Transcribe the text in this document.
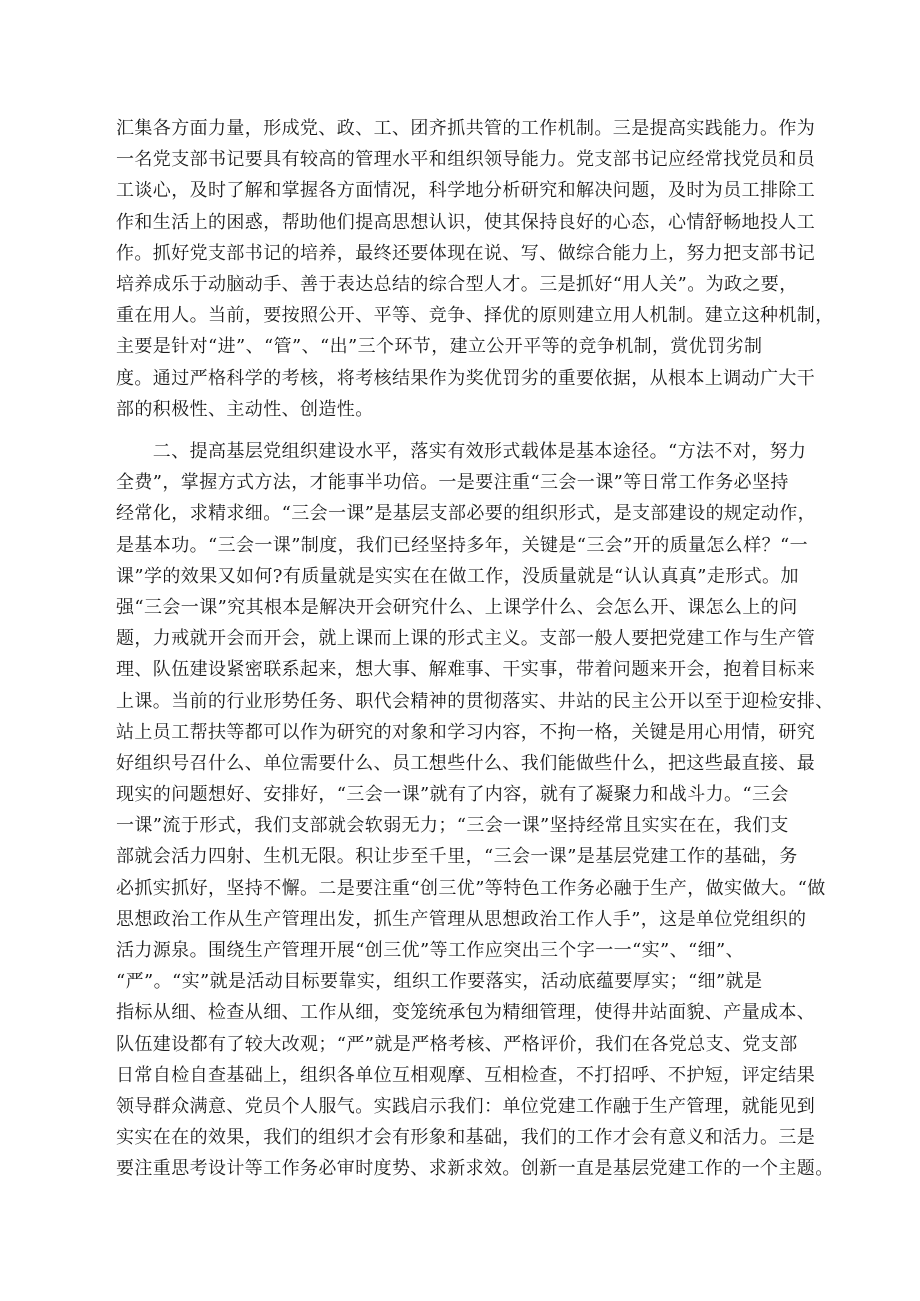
汇集各方面力量，形成党、政、工、团齐抓共管的工作机制。三是提高实践能力。作为
一名党支部书记要具有较高的管理水平和组织领导能力。党支部书记应经常找党员和员
工谈心，及时了解和掌握各方面情况，科学地分析研究和解决问题，及时为员工排除工
作和生活上的困惑，帮助他们提高思想认识，使其保持良好的心态，心情舒畅地投人工
作。抓好党支部书记的培养，最终还要体现在说、写、做综合能力上，努力把支部书记
培养成乐于动脑动手、善于表达总结的综合型人才。三是抓好“用人关”。为政之要，
重在用人。当前，要按照公开、平等、竞争、择优的原则建立用人机制。建立这种机制，
主要是针对“进”、“管”、“出”三个环节，建立公开平等的竞争机制，赏优罚劣制
度。通过严格科学的考核，将考核结果作为奖优罚劣的重要依据，从根本上调动广大干
部的积极性、主动性、创造性。
　　二、提高基层党组织建设水平，落实有效形式载体是基本途径。“方法不对，努力
全费”，掌握方式方法，才能事半功倍。一是要注重“三会一课”等日常工作务必坚持
经常化，求精求细。“三会一课”是基层支部必要的组织形式，是支部建设的规定动作，
是基本功。“三会一课”制度，我们已经坚持多年，关键是“三会”开的质量怎么样？“一
课”学的效果又如何?有质量就是实实在在做工作，没质量就是“认认真真”走形式。加
强“三会一课”究其根本是解决开会研究什么、上课学什么、会怎么开、课怎么上的问
题，力戒就开会而开会，就上课而上课的形式主义。支部一般人要把党建工作与生产管
理、队伍建设紧密联系起来，想大事、解难事、干实事，带着问题来开会，抱着目标来
上课。当前的行业形势任务、职代会精神的贯彻落实、井站的民主公开以至于迎检安排、
站上员工帮扶等都可以作为研究的对象和学习内容，不拘一格，关键是用心用情，研究
好组织号召什么、单位需要什么、员工想些什么、我们能做些什么，把这些最直接、最
现实的问题想好、安排好，“三会一课”就有了内容，就有了凝聚力和战斗力。“三会
一课”流于形式，我们支部就会软弱无力；“三会一课”坚持经常且实实在在，我们支
部就会活力四射、生机无限。积让步至千里，“三会一课”是基层党建工作的基础，务
必抓实抓好，坚持不懈。二是要注重“创三优”等特色工作务必融于生产，做实做大。“做
思想政治工作从生产管理出发，抓生产管理从思想政治工作人手”，这是单位党组织的
活力源泉。围绕生产管理开展“创三优”等工作应突出三个字一一“实”、“细”、
“严”。“实”就是活动目标要靠实，组织工作要落实，活动底蕴要厚实；“细”就是
指标从细、检查从细、工作从细，变笼统承包为精细管理，使得井站面貌、产量成本、
队伍建设都有了较大改观；“严”就是严格考核、严格评价，我们在各党总支、党支部
日常自检自查基础上，组织各单位互相观摩、互相检查，不打招呼、不护短，评定结果
领导群众满意、党员个人服气。实践启示我们：单位党建工作融于生产管理，就能见到
实实在在的效果，我们的组织才会有形象和基础，我们的工作才会有意义和活力。三是
要注重思考设计等工作务必审时度势、求新求效。创新一直是基层党建工作的一个主题。
